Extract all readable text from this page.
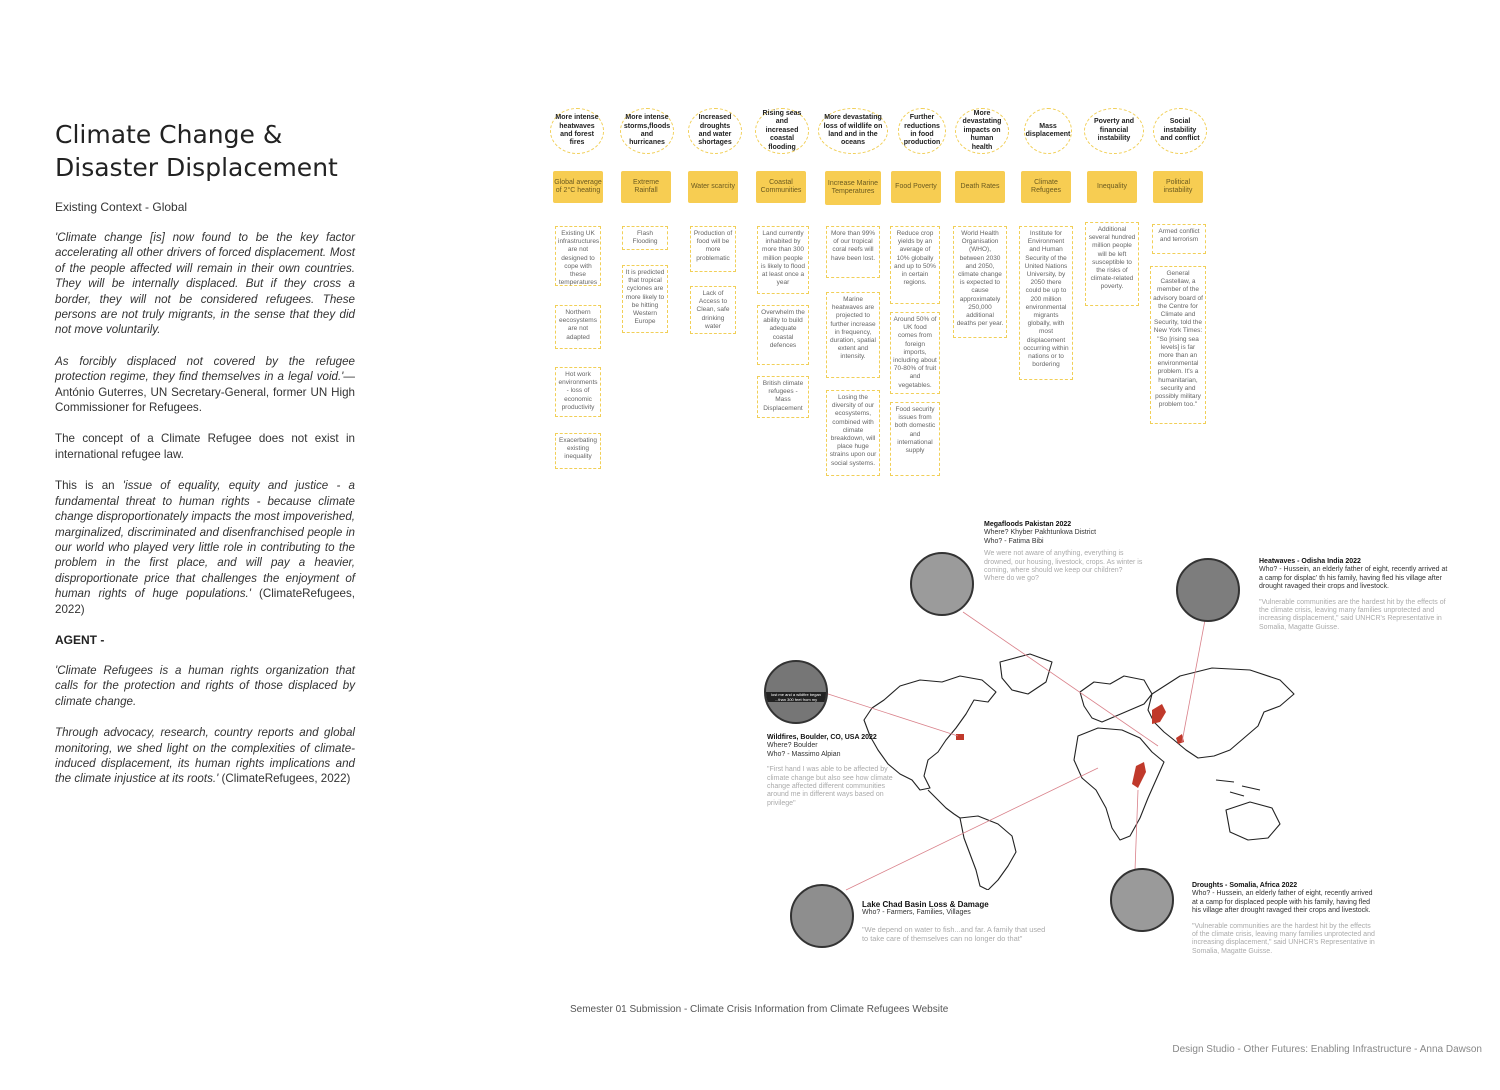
Climate Change &
Disaster Displacement
Existing Context - Global

'Climate change [is] now found to be the key factor accelerating all other drivers of forced displacement. Most of the people affected will remain in their own countries. They will be internally displaced. But if they cross a border, they will not be considered refugees. These persons are not truly migrants, in the sense that they did not move voluntarily.

As forcibly displaced not covered by the refugee protection regime, they find themselves in a legal void.'— António Guterres, UN Secretary-General, former UN High Commissioner for Refugees.

The concept of a Climate Refugee does not exist in international refugee law.

This is an 'issue of equality, equity and justice - a fundamental threat to human rights - because climate change disproportionately impacts the most impoverished, marginalized, discriminated and disenfranchised people in our world who played very little role in contributing to the problem in the first place, and will pay a heavier, disproportionate price that challenges the enjoyment of human rights of huge populations.' (ClimateRefugees, 2022)

AGENT -

'Climate Refugees is a human rights organization that calls for the protection and rights of those displaced by climate change.

Through advocacy, research, country reports and global monitoring, we shed light on the complexities of climate-induced displacement, its human rights implications and the climate injustice at its roots.' (ClimateRefugees, 2022)

More intense heatwaves and forest fires
Global average of 2°C heating
Existing UK infrastructures are not designed to cope with these temperatures
Northern eecosystems are not adapted
Hot work environments - loss of economic productivity
Exacerbating existing inequality
More intense storms,floods and hurricanes
Extreme Rainfall
Flash Flooding
It is predicted that tropical cyclones are more likely to be hitting Western Europe
Increased droughts and water shortages
Water scarcity
Production of food will be more problematic
Lack of Access to Clean, safe drinking water
Rising seas and increased coastal flooding
Coastal Communities
Land currently inhabited by more than 300 million people is likely to flood at least once a year
Overwhelm the ability to build adequate coastal defences
British climate refugees - Mass Displacement
More devastating loss of wildlife on land and in the oceans
Increase Marine Temperatures
More than 99% of our tropical coral reefs will have been lost.
Marine heatwaves are projected to further increase in frequency, duration, spatial extent and intensity.
Losing the diversity of our ecosystems, combined with climate breakdown, will place huge strains upon our social systems.
Further reductions in food production
Food Poverty
Reduce crop yields by an average of 10% globally and up to 50% in certain regions.
Around 50% of UK food comes from foreign imports, including about 70-80% of fruit and vegetables.
Food security issues from both domestic and international supply
More devastating impacts on human health
Death Rates
World Health Organisation (WHO), between 2030 and 2050, climate change is expected to cause approximately 250,000 additional deaths per year.
Mass displacement
Climate Refugees
Institute for Environment and Human Security of the United Nations University, by 2050 there could be up to 200 million environmental migrants globally, with most displacement occurring within nations or to bordering
Poverty and financial instability
Inequality
Additional several hundred million people will be left susceptible to the risks of climate-related poverty.
Social instability and conflict
Political instability
Armed conflict and terrorism
General Castellaw, a member of the advisory board of the Centre for Climate and Security, told the New York Times: "So [rising sea levels] is far more than an environmental problem. It's a humanitarian, security and possibly military problem too."
lost me and a wildfire began ...than 300 feet from my
Megafloods Pakistan 2022
Where? Khyber Pakhtunkwa District
Who? - Fatima Bibi
We were not aware of anything, everything is drowned, our housing, livestock, crops. As winter is coming, where should we keep our children? Where do we go?
Heatwaves - Odisha India 2022
Who? - Hussein, an elderly father of eight, recently arrived at a camp for displac' th his family, having fled his village after drought ravaged their crops and livestock.
"Vulnerable communities are the hardest hit by the effects of the climate crisis, leaving many families unprotected and increasing displacement," said UNHCR's Representative in Somalia, Magatte Guisse.
Wildfires, Boulder, CO, USA 2022
Where? Boulder
Who? - Massimo Alpian
"First hand I was able to be affected by climate change but also see how climate change affected different communities around me in different ways based on privilege"
Lake Chad Basin Loss & Damage
Who? - Farmers, Families, Villages
"We depend on water to fish...and far. A family that used to take care of themselves can no longer do that"
Droughts - Somalia, Africa 2022
Who? - Hussein, an elderly father of eight, recently arrived at a camp for displaced people with his family, having fled his village after drought ravaged their crops and livestock.
"Vulnerable communities are the hardest hit by the effects of the climate crisis, leaving many families unprotected and increasing displacement," said UNHCR's Representative in Somalia, Magatte Guisse.
Semester 01 Submission - Climate Crisis Information from Climate Refugees Website
Design Studio - Other Futures: Enabling Infrastructure - Anna Dawson
